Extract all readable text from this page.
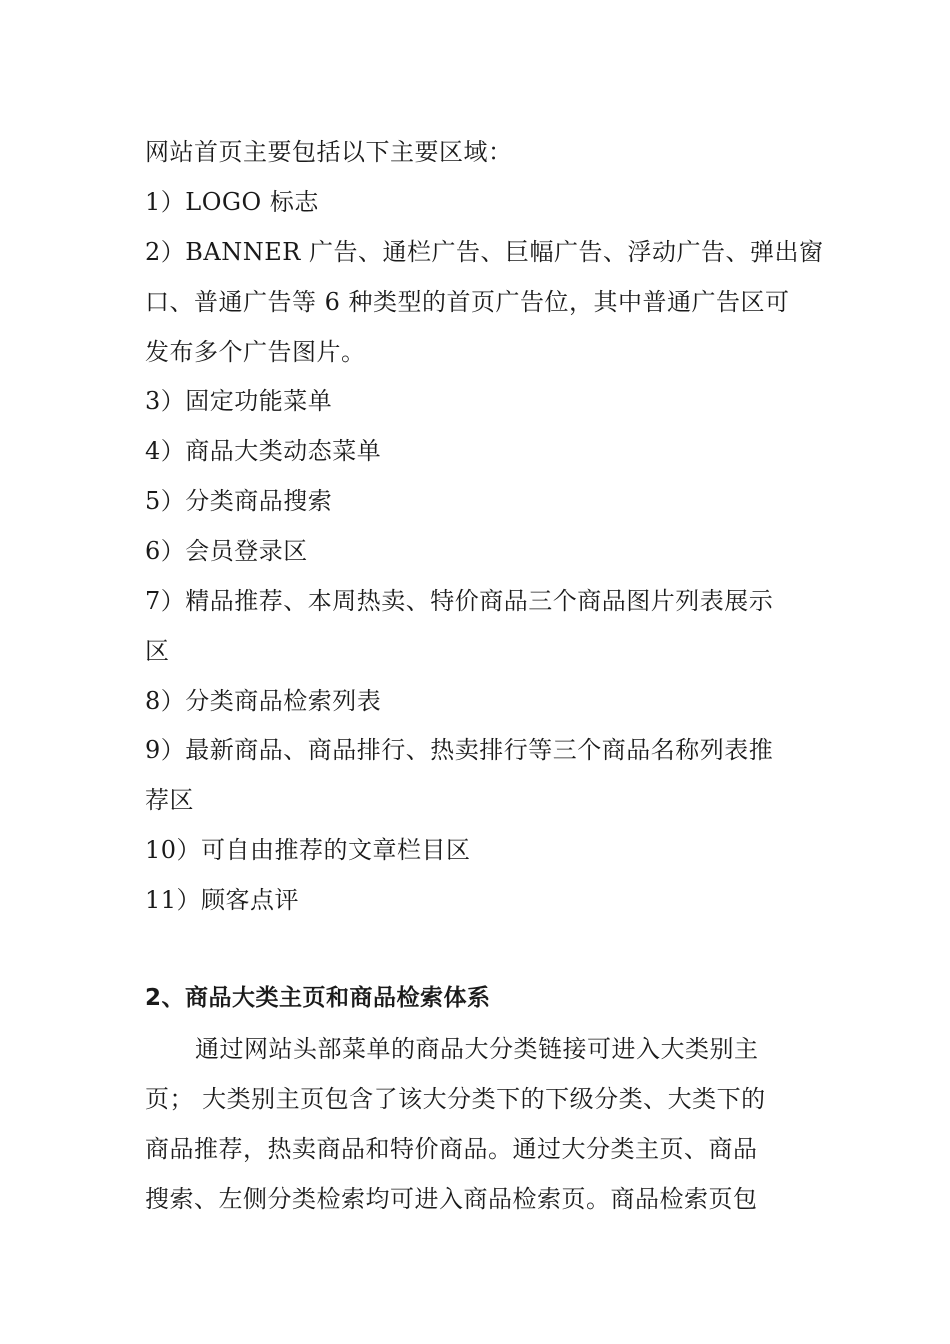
网站首页主要包括以下主要区域：
1）LOGO 标志
2）BANNER 广告、通栏广告、巨幅广告、浮动广告、弹出窗
口、普通广告等 6 种类型的首页广告位，其中普通广告区可
发布多个广告图片。
3）固定功能菜单
4）商品大类动态菜单
5）分类商品搜索
6）会员登录区
7）精品推荐、本周热卖、特价商品三个商品图片列表展示
区
8）分类商品检索列表
9）最新商品、商品排行、热卖排行等三个商品名称列表推
荐区
10）可自由推荐的文章栏目区
11）顾客点评
2、商品大类主页和商品检索体系
通过网站头部菜单的商品大分类链接可进入大类别主
页； 大类别主页包含了该大分类下的下级分类、大类下的
商品推荐，热卖商品和特价商品。通过大分类主页、商品
搜索、左侧分类检索均可进入商品检索页。商品检索页包
